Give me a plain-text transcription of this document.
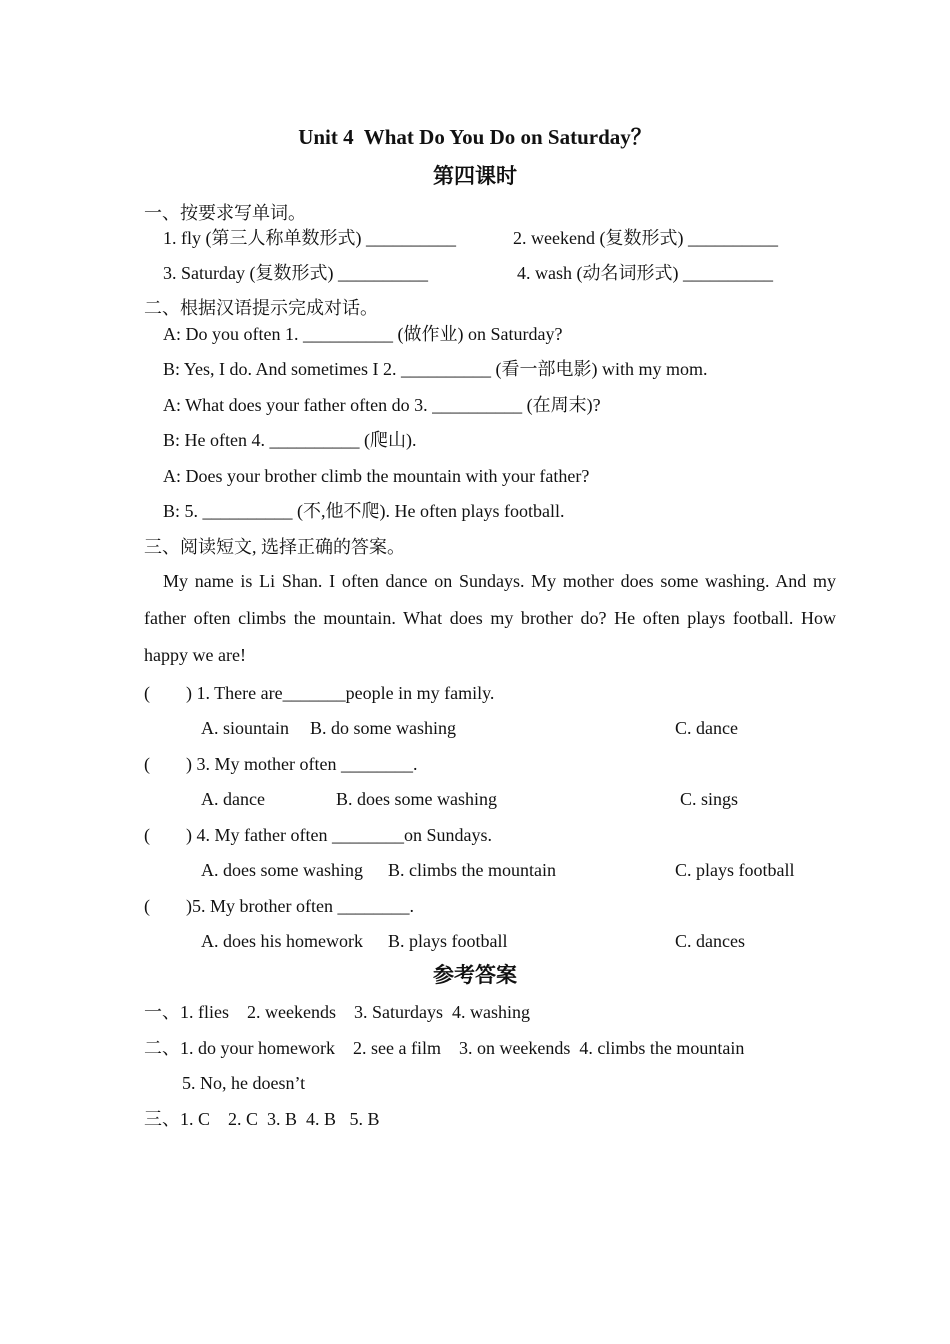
Unit 4  What Do You Do on Saturday？
第四课时
一、按要求写单词。
1. fly (第三人称单数形式) __________	2. weekend (复数形式) __________
3. Saturday (复数形式) __________	4. wash (动名词形式) __________
二、根据汉语提示完成对话。
A: Do you often 1. __________ (做作业) on Saturday?
B: Yes, I do. And sometimes I 2. __________ (看一部电影) with my mom.
A: What does your father often do 3. __________ (在周末)?
B: He often 4. __________ (爬山).
A: Does your brother climb the mountain with your father?
B: 5. __________ (不,他不爬). He often plays football.
三、阅读短文, 选择正确的答案。
My name is Li Shan. I often dance on Sundays. My mother does some washing. And my father often climbs the mountain. What does my brother do? He often plays football. How happy we are!
(        ) 1. There are_______people in my family.
A. siountain B. do some washing	C. dance
(        ) 3. My mother often ________.
A. dance	B. does some washing	C. sings
(        ) 4. My father often ________on Sundays.
A. does some washing B. climbs the mountain	C. plays football
(        )5. My brother often ________.
A. does his homework B. plays football	C. dances
参考答案
一、1. flies    2. weekends    3. Saturdays  4. washing
二、1. do your homework    2. see a film    3. on weekends  4. climbs the mountain
5. No, he doesn’t
三、1. C    2. C  3. B  4. B   5. B
